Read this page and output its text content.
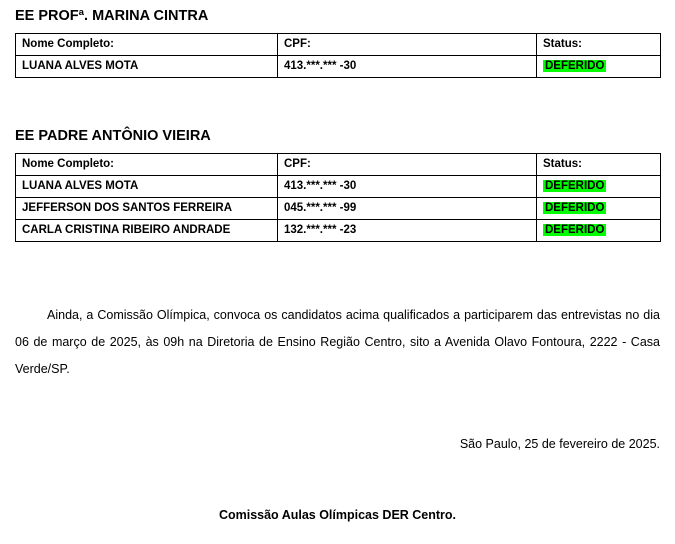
EE PROFª. MARINA CINTRA
Nome Completo:	CPF:	Status:
LUANA ALVES MOTA	413.***.*** -30	DEFERIDO
EE PADRE ANTÔNIO VIEIRA
Nome Completo:	CPF:	Status:
LUANA ALVES MOTA	413.***.*** -30	DEFERIDO
JEFFERSON DOS SANTOS FERREIRA	045.***.*** -99	DEFERIDO
CARLA CRISTINA RIBEIRO ANDRADE	132.***.*** -23	DEFERIDO
Ainda, a Comissão Olímpica, convoca os candidatos acima qualificados a participarem das entrevistas no dia 06 de março de 2025, às 09h na Diretoria de Ensino Região Centro, sito a Avenida Olavo Fontoura, 2222 - Casa Verde/SP.
São Paulo, 25 de fevereiro de 2025.
Comissão Aulas Olímpicas DER Centro.
